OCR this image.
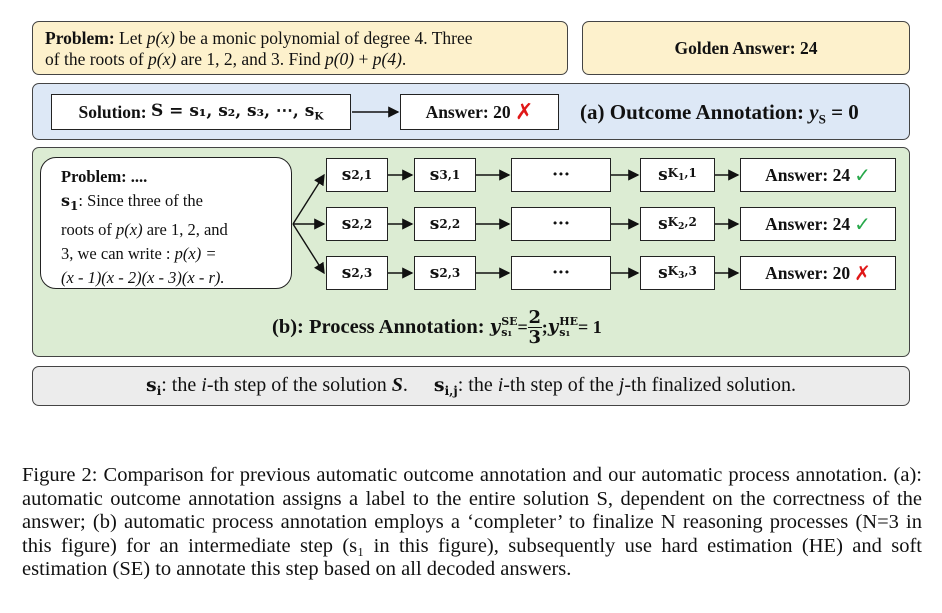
Problem: Let p(x) be a monic polynomial of degree 4. Three
of the roots of p(x) are 1, 2, and 3. Find p(0) + p(4).
Golden Answer: 24
Solution:
S = s₁, s₂, s₃, ⋯, $s_K$	Answer: 20
✗ (a) Outcome Annotation: $y_S = 0$
Problem: ....
$s_1$: Since three of the
roots of p(x) are 1, 2, and
3, we can write : p(x) =
(x - 1)(x - 2)(x - 3)(x - r).
s 2,1	s 3,1	···	s $K_1,1$	Answer: 24 ✓
s 2,2	s 2,2	···	s $K_2,2$	Answer: 24 ✓
s 2,3	s 2,3	···	s $K_3,3$	Answer: 20 ✗
(b): Process Annotation:
y SE
$s_1 = \frac{2}{3}$ ; y HE
s₁ = 1
$s_i$: the i-th step of the solution S. $s_{i,j}$: the i-th step of the j-th finalized solution.
Figure 2: Comparison for previous automatic outcome annotation and our automatic process annotation. (a): automatic outcome annotation assigns a label to the entire solution S, dependent on the correctness of the answer; (b) automatic process annotation employs a ‘completer’ to finalize N reasoning processes (N=3 in this figure) for an intermediate step (s₁ in this figure), subsequently use hard estimation (HE) and soft estimation (SE) to annotate this step based on all decoded answers.
